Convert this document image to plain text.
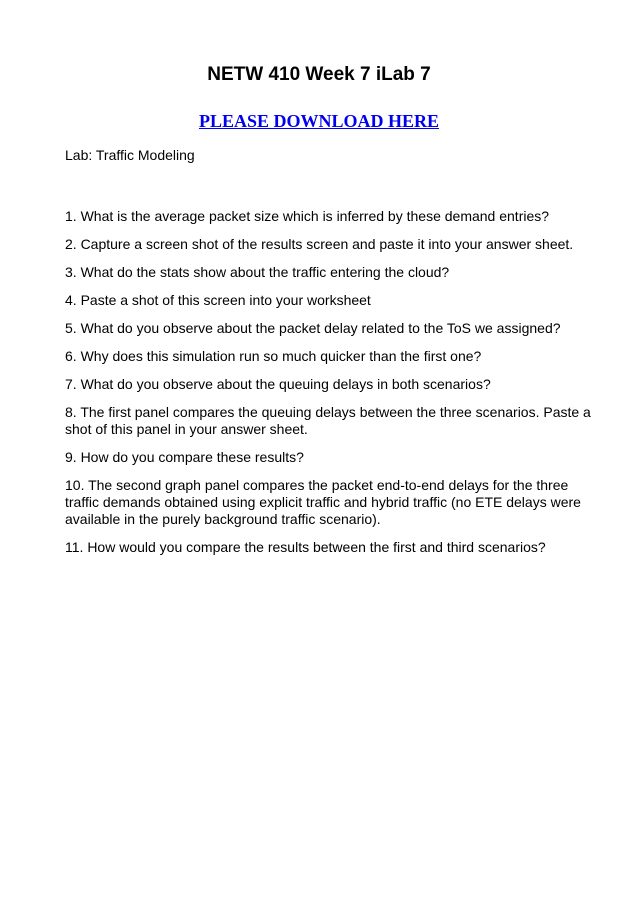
NETW 410 Week 7 iLab 7
PLEASE DOWNLOAD HERE
Lab: Traffic Modeling

1. What is the average packet size which is inferred by these demand entries?

2. Capture a screen shot of the results screen and paste it into your answer sheet.

3. What do the stats show about the traffic entering the cloud?

4. Paste a shot of this screen into your worksheet

5. What do you observe about the packet delay related to the ToS we assigned?

6. Why does this simulation run so much quicker than the first one?

7. What do you observe about the queuing delays in both scenarios?

8. The first panel compares the queuing delays between the three scenarios. Paste a shot of this panel in your answer sheet.

9. How do you compare these results?

10. The second graph panel compares the packet end-to-end delays for the three traffic demands obtained using explicit traffic and hybrid traffic (no ETE delays were available in the purely background traffic scenario).

11. How would you compare the results between the first and third scenarios?
